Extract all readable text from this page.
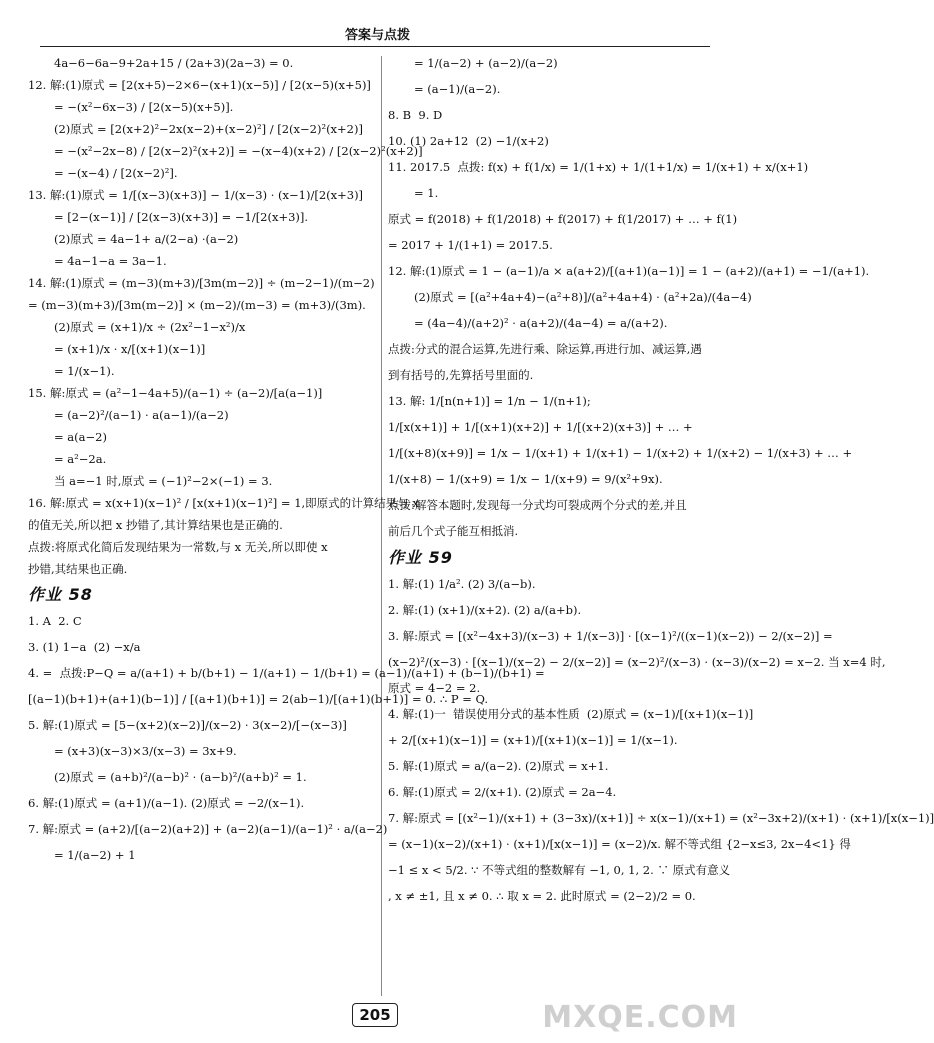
答案与点拨
4a−6−6a−9+2a+15 / (2a+3)(2a−3) = 0.
12. 解:(1)原式 = [2(x+5)−2×6−(x+1)(x−5)] / [2(x−5)(x+5)]
= −(x²−6x−3) / [2(x−5)(x+5)].
(2)原式 = [2(x+2)²−2x(x−2)+(x−2)²] / [2(x−2)²(x+2)]
= −(x²−2x−8) / [2(x−2)²(x+2)] = −(x−4)(x+2) / [2(x−2)²(x+2)]
= −(x−4) / [2(x−2)²].
13. 解:(1)原式 = 1/[(x−3)(x+3)] − 1/(x−3) · (x−1)/[2(x+3)]
= [2−(x−1)] / [2(x−3)(x+3)] = −1/[2(x+3)].
(2)原式 = 4a−1+ a/(2−a) ·(a−2)
= 4a−1−a = 3a−1.
14. 解:(1)原式 = (m−3)(m+3)/[3m(m−2)] ÷ (m−2−1)/(m−2)
= (m−3)(m+3)/[3m(m−2)] × (m−2)/(m−3) = (m+3)/(3m).
(2)原式 = (x+1)/x ÷ (2x²−1−x²)/x
= (x+1)/x · x/[(x+1)(x−1)]
= 1/(x−1).
15. 解:原式 = (a²−1−4a+5)/(a−1) ÷ (a−2)/[a(a−1)]
= (a−2)²/(a−1) · a(a−1)/(a−2)
= a(a−2)
= a²−2a.
当 a=−1 时,原式 = (−1)²−2×(−1) = 3.
16. 解:原式 = x(x+1)(x−1)² / [x(x+1)(x−1)²] = 1,即原式的计算结果与 x
的值无关,所以把 x 抄错了,其计算结果也是正确的.
点拨:将原式化简后发现结果为一常数,与 x 无关,所以即使 x
抄错,其结果也正确.
作业 58
1. A  2. C
3. (1) 1−a  (2) −x/a
4. =  点拨:P−Q = a/(a+1) + b/(b+1) − 1/(a+1) − 1/(b+1) = (a−1)/(a+1) + (b−1)/(b+1) =
[(a−1)(b+1)+(a+1)(b−1)] / [(a+1)(b+1)] = 2(ab−1)/[(a+1)(b+1)] = 0. ∴ P = Q.
5. 解:(1)原式 = [5−(x+2)(x−2)]/(x−2) · 3(x−2)/[−(x−3)]
= (x+3)(x−3)×3/(x−3) = 3x+9.
(2)原式 = (a+b)²/(a−b)² · (a−b)²/(a+b)² = 1.
6. 解:(1)原式 = (a+1)/(a−1). (2)原式 = −2/(x−1).
7. 解:原式 = (a+2)/[(a−2)(a+2)] + (a−2)(a−1)/(a−1)² · a/(a−2)
= 1/(a−2) + 1
= 1/(a−2) + (a−2)/(a−2)
= (a−1)/(a−2).
8. B  9. D
10. (1) 2a+12  (2) −1/(x+2)
11. 2017.5  点拨: f(x) + f(1/x) = 1/(1+x) + 1/(1+1/x) = 1/(x+1) + x/(x+1)
= 1.
原式 = f(2018) + f(1/2018) + f(2017) + f(1/2017) + … + f(1)
= 2017 + 1/(1+1) = 2017.5.
12. 解:(1)原式 = 1 − (a−1)/a × a(a+2)/[(a+1)(a−1)] = 1 − (a+2)/(a+1) = −1/(a+1).
(2)原式 = [(a²+4a+4)−(a²+8)]/(a²+4a+4) · (a²+2a)/(4a−4)
= (4a−4)/(a+2)² · a(a+2)/(4a−4) = a/(a+2).
点拨:分式的混合运算,先进行乘、除运算,再进行加、减运算,遇
到有括号的,先算括号里面的.
13. 解: 1/[n(n+1)] = 1/n − 1/(n+1);
1/[x(x+1)] + 1/[(x+1)(x+2)] + 1/[(x+2)(x+3)] + … +
1/[(x+8)(x+9)] = 1/x − 1/(x+1) + 1/(x+1) − 1/(x+2) + 1/(x+2) − 1/(x+3) + … +
1/(x+8) − 1/(x+9) = 1/x − 1/(x+9) = 9/(x²+9x).
点拨:解答本题时,发现每一分式均可裂成两个分式的差,并且
前后几个式子能互相抵消.
作业 59
1. 解:(1) 1/a². (2) 3/(a−b).
2. 解:(1) (x+1)/(x+2). (2) a/(a+b).
3. 解:原式 = [(x²−4x+3)/(x−3) + 1/(x−3)] · [(x−1)²/((x−1)(x−2)) − 2/(x−2)] =
(x−2)²/(x−3) · [(x−1)/(x−2) − 2/(x−2)] = (x−2)²/(x−3) · (x−3)/(x−2) = x−2. 当 x=4 时,
原式 = 4−2 = 2.
4. 解:(1)一  错误使用分式的基本性质  (2)原式 = (x−1)/[(x+1)(x−1)]
+ 2/[(x+1)(x−1)] = (x+1)/[(x+1)(x−1)] = 1/(x−1).
5. 解:(1)原式 = a/(a−2). (2)原式 = x+1.
6. 解:(1)原式 = 2/(x+1). (2)原式 = 2a−4.
7. 解:原式 = [(x²−1)/(x+1) + (3−3x)/(x+1)] ÷ x(x−1)/(x+1) = (x²−3x+2)/(x+1) · (x+1)/[x(x−1)]
= (x−1)(x−2)/(x+1) · (x+1)/[x(x−1)] = (x−2)/x. 解不等式组 {2−x≤3, 2x−4<1} 得
−1 ≤ x < 5/2. ∵ 不等式组的整数解有 −1, 0, 1, 2. ∵ 原式有意义
, x ≠ ±1, 且 x ≠ 0. ∴ 取 x = 2. 此时原式 = (2−2)/2 = 0.
205	MXQE.COM
